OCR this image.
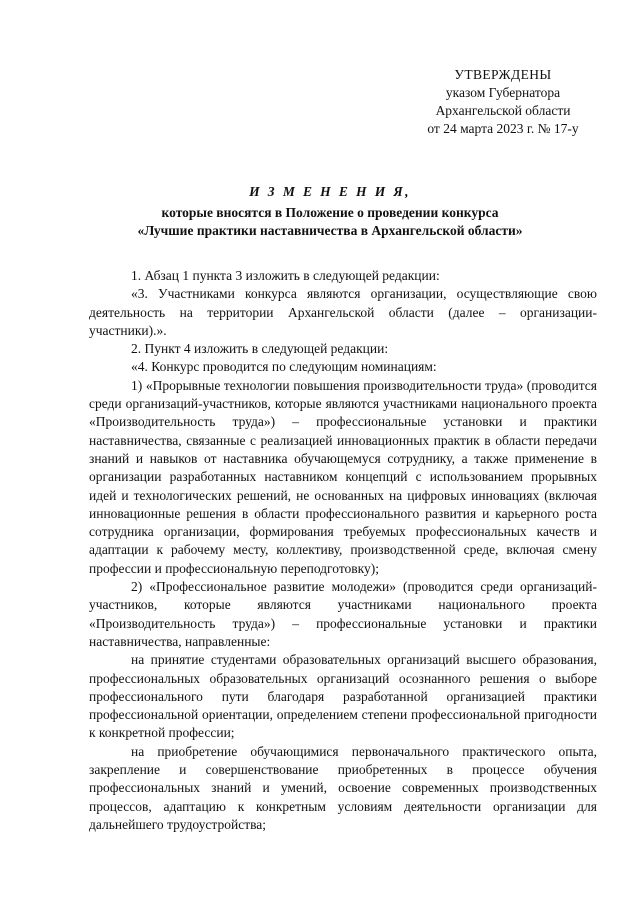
УТВЕРЖДЕНЫ
указом Губернатора
Архангельской области
от 24 марта 2023 г. № 17-у
И З М Е Н Е Н И Я,
которые вносятся в Положение о проведении конкурса
«Лучшие практики наставничества в Архангельской области»

1. Абзац 1 пункта 3 изложить в следующей редакции:

«3. Участниками конкурса являются организации, осуществляющие свою деятельность на территории Архангельской области (далее – организации-участники).».

2. Пункт 4 изложить в следующей редакции:

«4. Конкурс проводится по следующим номинациям:

1) «Прорывные технологии повышения производительности труда» (проводится среди организаций-участников, которые являются участниками национального проекта «Производительность труда») – профессиональные установки и практики наставничества, связанные с реализацией инновационных практик в области передачи знаний и навыков от наставника обучающемуся сотруднику, а также применение в организации разработанных наставником концепций с использованием прорывных идей и технологических решений, не основанных на цифровых инновациях (включая инновационные решения в области профессионального развития и карьерного роста сотрудника организации, формирования требуемых профессиональных качеств и адаптации к рабочему месту, коллективу, производственной среде, включая смену профессии и профессиональную переподготовку);

2) «Профессиональное развитие молодежи» (проводится среди организаций-участников, которые являются участниками национального проекта «Производительность труда») – профессиональные установки и практики наставничества, направленные:

на принятие студентами образовательных организаций высшего образования, профессиональных образовательных организаций осознанного решения о выборе профессионального пути благодаря разработанной организацией практики профессиональной ориентации, определением степени профессиональной пригодности к конкретной профессии;

на приобретение обучающимися первоначального практического опыта, закрепление и совершенствование приобретенных в процессе обучения профессиональных знаний и умений, освоение современных производственных процессов, адаптацию к конкретным условиям деятельности организации для дальнейшего трудоустройства;
